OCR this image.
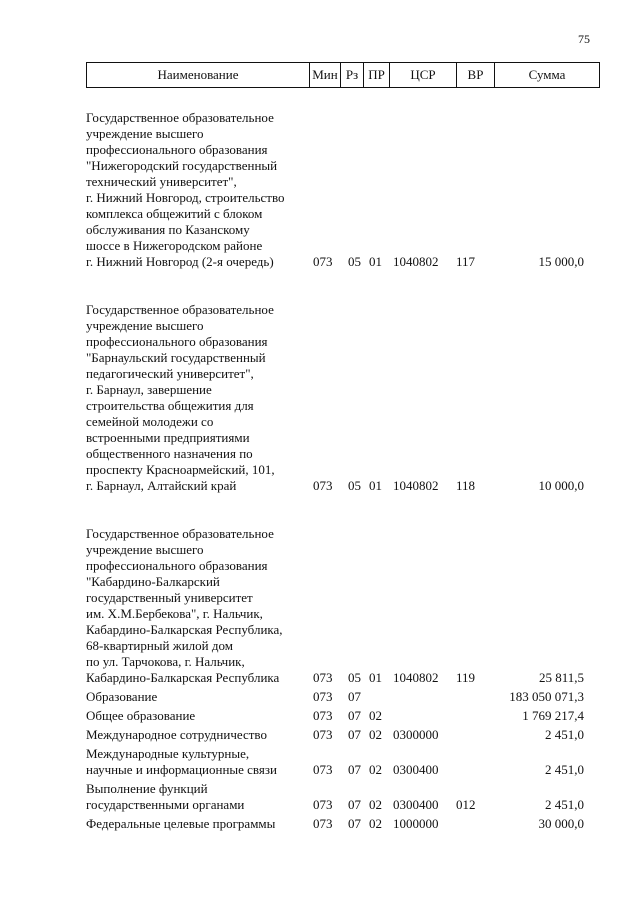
75
Наименование	Мин	Рз	ПР	ЦСР	ВР	Сумма
Государственное образовательное
учреждение высшего
профессионального образования
"Нижегородский государственный
технический университет",
г. Нижний Новгород, строительство
комплекса общежитий с блоком
обслуживания по Казанскому
шоссе в Нижегородском районе
г. Нижний Новгород (2-я очередь)	073 05 01 1040802 117	15 000,0
Государственное образовательное
учреждение высшего
профессионального образования
"Барнаульский государственный
педагогический университет",
г. Барнаул, завершение
строительства общежития для
семейной молодежи со
встроенными предприятиями
общественного назначения по
проспекту Красноармейский, 101,
г. Барнаул, Алтайский край	073 05 01 1040802 118	10 000,0
Государственное образовательное
учреждение высшего
профессионального образования
"Кабардино-Балкарский
государственный университет
им. Х.М.Бербекова", г. Нальчик,
Кабардино-Балкарская Республика,
68-квартирный жилой дом
по ул. Тарчокова, г. Нальчик,
Кабардино-Балкарская Республика	073 05 01 1040802 119	25 811,5
Образование	073 07	183 050 071,3
Общее образование	073 07 02	1 769 217,4
Международное сотрудничество	073 07 02 0300000	2 451,0
Международные культурные,
научные и информационные связи	073 07 02 0300400	2 451,0
Выполнение функций
государственными органами	073 07 02 0300400 012	2 451,0
Федеральные целевые программы	073 07 02 1000000	30 000,0
